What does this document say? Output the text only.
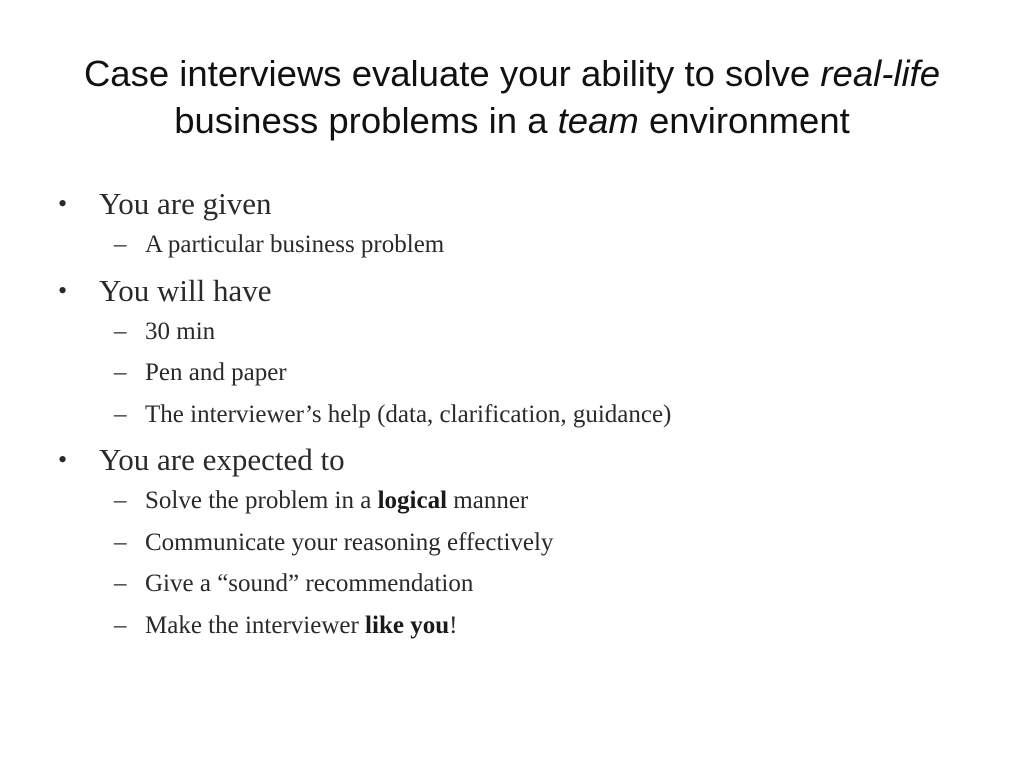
Case interviews evaluate your ability to solve real-life business problems in a team environment

• You are given

– A particular business problem

• You will have

– 30 min

– Pen and paper

– The interviewer’s help (data, clarification, guidance)

• You are expected to

– Solve the problem in a logical manner

– Communicate your reasoning effectively

– Give a “sound” recommendation

– Make the interviewer like you!
